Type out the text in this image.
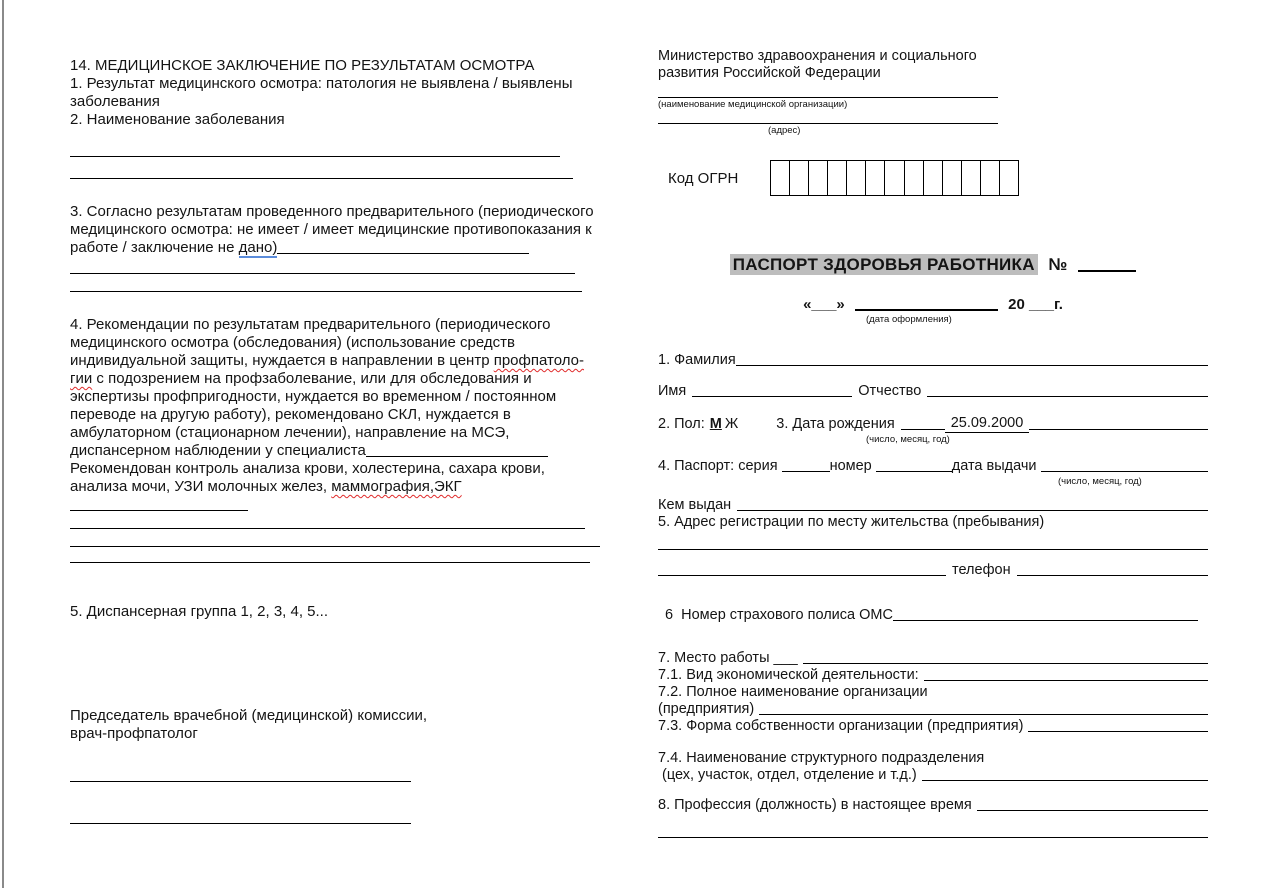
14. МЕДИЦИНСКОЕ ЗАКЛЮЧЕНИЕ ПО РЕЗУЛЬТАТАМ ОСМОТРА
1. Результат медицинского осмотра: патология не выявлена / выявлены заболевания
2. Наименование заболевания
3. Согласно результатам проведенного предварительного (периодического медицинского осмотра: не имеет / имеет медицинские противопоказания к работе / заключение не дано)
4. Рекомендации по результатам предварительного (периодического медицинского осмотра (обследования) (использование средств индивидуальной защиты, нуждается в направлении в центр профпатоло-
гии с подозрением на профзаболевание, или для обследования и экспертизы профпригодности, нуждается во временном / постоянном переводе на другую работу), рекомендовано СКЛ, нуждается в амбулаторном (стационарном лечении), направление на МСЭ, диспансерном наблюдении у специалиста
Рекомендован контроль анализа крови, холестерина, сахара крови, анализа мочи, УЗИ молочных желез, маммография,ЭКГ
5. Диспансерная группа 1, 2, 3, 4, 5...
Председатель врачебной (медицинской) комиссии,
врач-профпатолог
Министерство здравоохранения и социального развития Российской Федерации
(наименование медицинской организации)
(адрес)
Код ОГРН
ПАСПОРТ ЗДОРОВЬЯ РАБОТНИКА №
«___»	20 ___г.
(дата оформления)
1. Фамилия
Имя	Отчество
2. Пол: М Ж	3. Дата рождения	25.09.2000
(число, месяц, год)
4. Паспорт: серия	номер	дата выдачи
(число, месяц, год)
Кем выдан
5. Адрес регистрации по месту жительства (пребывания)
телефон
6  Номер страхового полиса ОМС
7. Место работы ___
7.1. Вид экономической деятельности:
7.2. Полное наименование организации
(предприятия)
7.3. Форма собственности организации (предприятия)
7.4. Наименование структурного подразделения
(цех, участок, отдел, отделение и т.д.)
8. Профессия (должность) в настоящее время
